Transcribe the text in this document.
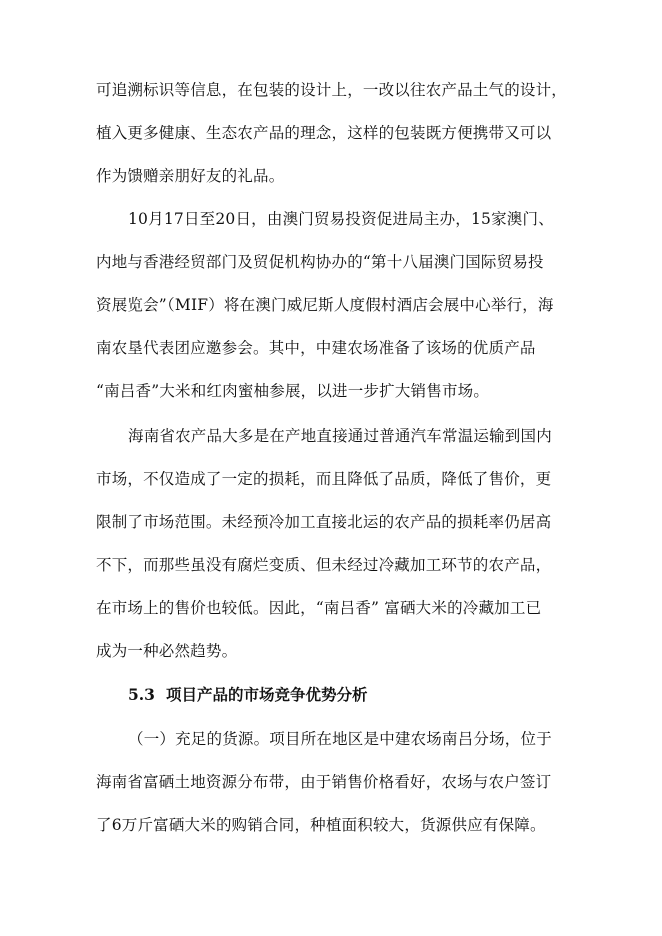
可追溯标识等信息，在包装的设计上，一改以往农产品土气的设计，
植入更多健康、生态农产品的理念，这样的包装既方便携带又可以
作为馈赠亲朋好友的礼品。
10月17日至20日，由澳门贸易投资促进局主办，15家澳门、
内地与香港经贸部门及贸促机构协办的“第十八届澳门国际贸易投
资展览会”（MIF）将在澳门威尼斯人度假村酒店会展中心举行，海
南农垦代表团应邀参会。其中，中建农场准备了该场的优质产品
“南吕香”大米和红肉蜜柚参展，以进一步扩大销售市场。
海南省农产品大多是在产地直接通过普通汽车常温运输到国内
市场，不仅造成了一定的损耗，而且降低了品质，降低了售价，更
限制了市场范围。未经预冷加工直接北运的农产品的损耗率仍居高
不下，而那些虽没有腐烂变质、但未经过冷藏加工环节的农产品，
在市场上的售价也较低。因此，“南吕香” 富硒大米的冷藏加工已
成为一种必然趋势。
5.3 项目产品的市场竞争优势分析
（一）充足的货源。项目所在地区是中建农场南吕分场，位于
海南省富硒土地资源分布带，由于销售价格看好，农场与农户签订
了6万斤富硒大米的购销合同，种植面积较大，货源供应有保障。
